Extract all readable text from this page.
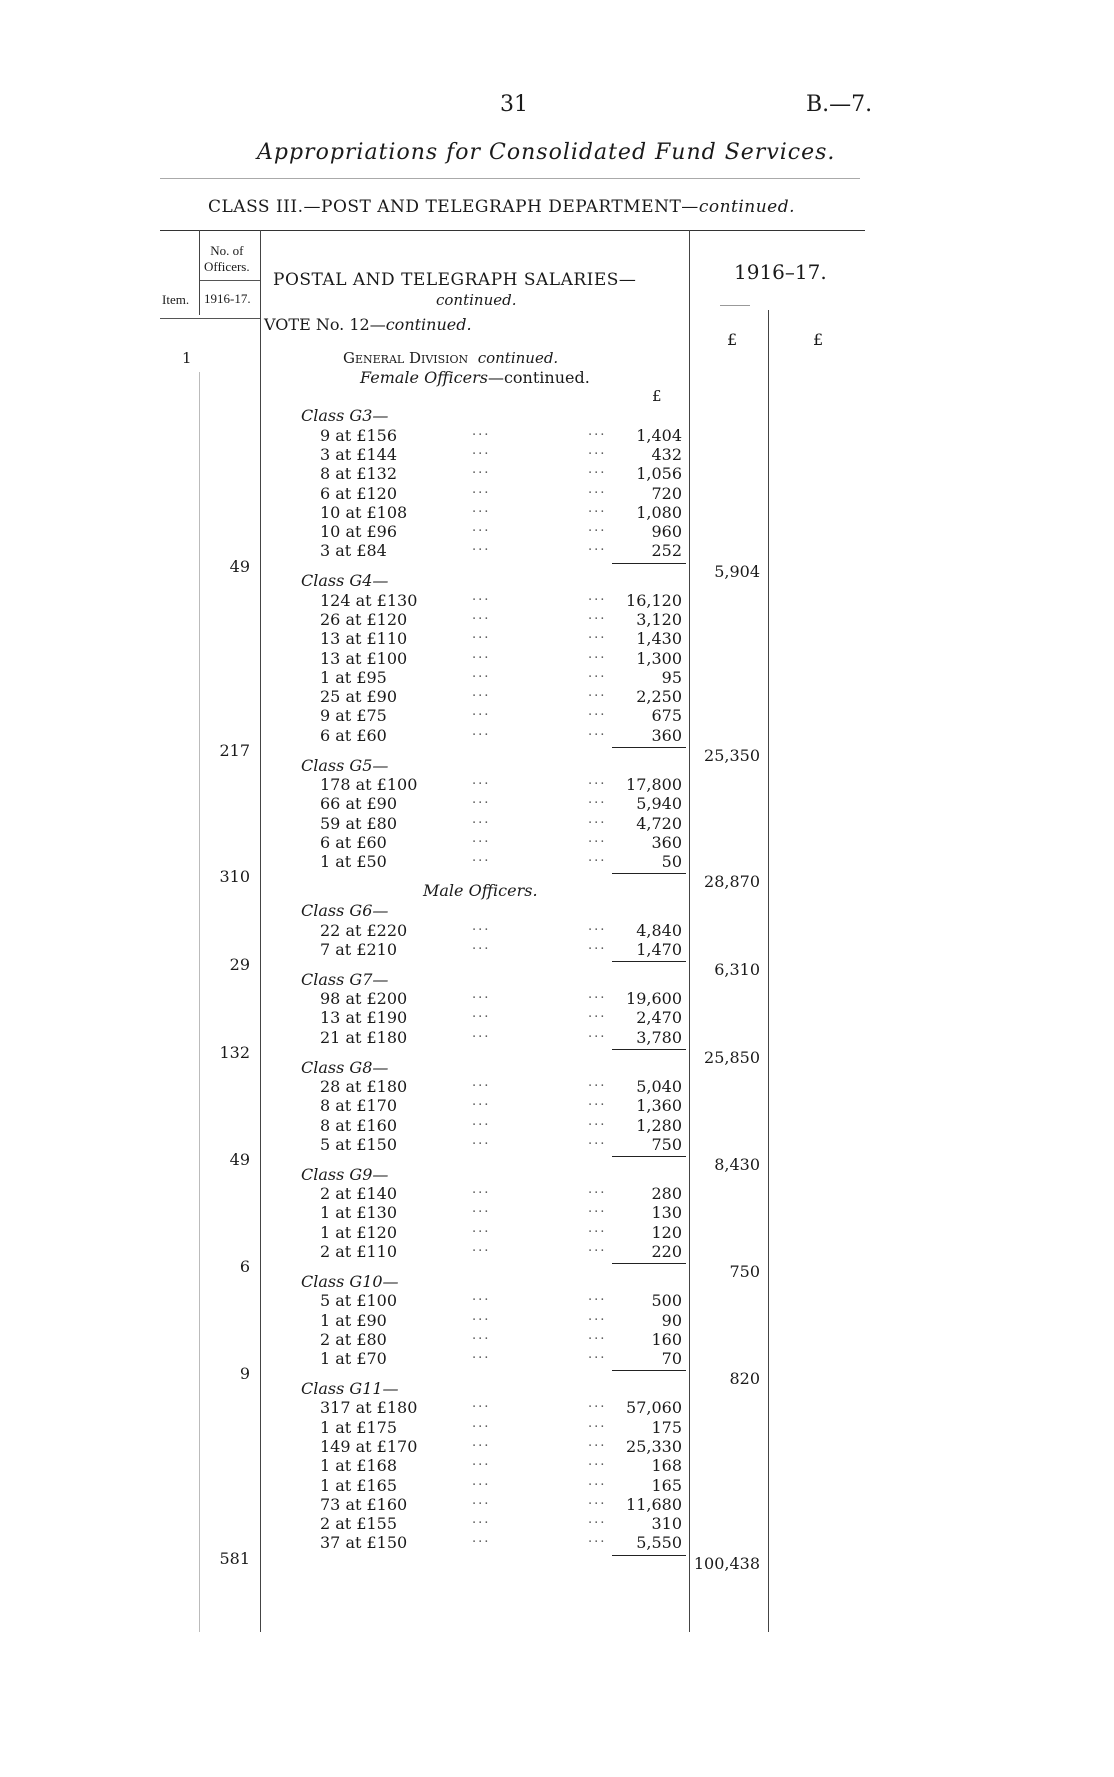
31	B.—7.
Appropriations for Consolidated Fund Services.
CLASS III.—POST AND TELEGRAPH DEPARTMENT—continued.
No. of
Officers.
1916-17.
Item.
POSTAL AND TELEGRAPH SALARIES—
continued.
1916–17.
VOTE No. 12—continued.
£	£
1	General Division continued.
Female Officers—continued.
£
Class G3—
9 at £156	...	... 1,404
3 at £144	...	...	432
8 at £132	...	... 1,056
6 at £120	...	...	720
10 at £108	...	... 1,080
10 at £96	...	...	960
3 at £84	...	...	252
49	5,904
Class G4—
124 at £130	...	... 16,120
26 at £120	...	... 3,120
13 at £110	...	... 1,430
13 at £100	...	... 1,300
1 at £95	...	...	95
25 at £90	...	... 2,250
9 at £75	...	...	675
6 at £60	...	...	360
217	25,350
Class G5—
178 at £100	...	... 17,800
66 at £90	...	... 5,940
59 at £80	...	... 4,720
6 at £60	...	...	360
1 at £50	...	...	50
310	28,870
Male Officers.
Class G6—
22 at £220	...	... 4,840
7 at £210	...	... 1,470
29	6,310
Class G7—
98 at £200	...	... 19,600
13 at £190	...	... 2,470
21 at £180	...	... 3,780
132	25,850
Class G8—
28 at £180	...	... 5,040
8 at £170	...	... 1,360
8 at £160	...	... 1,280
5 at £150	...	...	750
49	8,430
Class G9—
2 at £140	...	...	280
1 at £130	...	...	130
1 at £120	...	...	120
2 at £110	...	...	220
6	750
Class G10—
5 at £100	...	...	500
1 at £90	...	...	90
2 at £80	...	...	160
1 at £70	...	...	70
9	820
Class G11—
317 at £180	...	... 57,060
1 at £175	...	...	175
149 at £170	...	... 25,330
1 at £168	...	...	168
1 at £165	...	...	165
73 at £160	...	... 11,680
2 at £155	...	...	310
37 at £150	...	... 5,550
581	100,438
